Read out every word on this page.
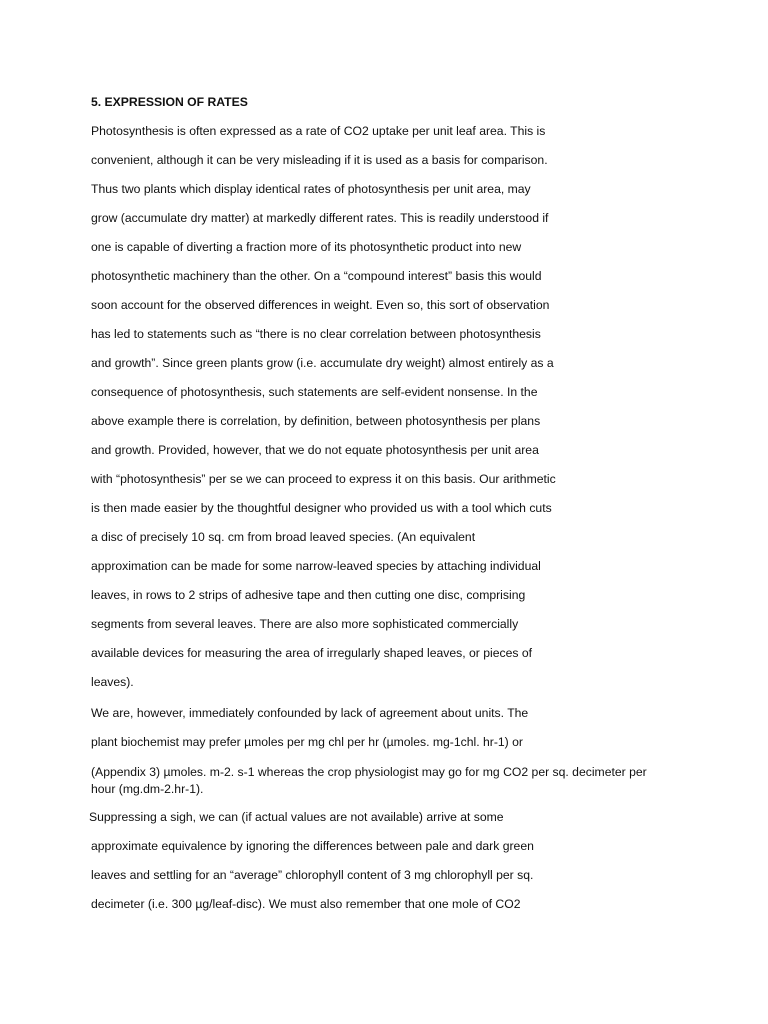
5. EXPRESSION OF RATES
Photosynthesis is often expressed as a rate of CO2 uptake per unit leaf area. This is
convenient, although it can be very misleading if it is used as a basis for comparison.
Thus two plants which display identical rates of photosynthesis per unit area, may
grow (accumulate dry matter) at markedly different rates. This is readily understood if
one is capable of diverting a fraction more of its photosynthetic product into new
photosynthetic machinery than the other. On a “compound interest” basis this would
soon account for the observed differences in weight. Even so, this sort of observation
has led to statements such as “there is no clear correlation between photosynthesis
and growth”. Since green plants grow (i.e. accumulate dry weight) almost entirely as a
consequence of photosynthesis, such statements are self-evident nonsense. In the
above example there is correlation, by definition, between photosynthesis per plans
and growth. Provided, however, that we do not equate photosynthesis per unit area
with “photosynthesis” per se we can proceed to express it on this basis. Our arithmetic
is then made easier by the thoughtful designer who provided us with a tool which cuts
a disc of precisely 10 sq. cm from broad leaved species. (An equivalent
approximation can be made for some narrow-leaved species by attaching individual
leaves, in rows to 2 strips of adhesive tape and then cutting one disc, comprising
segments from several leaves. There are also more sophisticated commercially
available devices for measuring the area of irregularly shaped leaves, or pieces of
leaves).
We are, however, immediately confounded by lack of agreement about units. The
plant biochemist may prefer µmoles per mg chl per hr (µmoles. mg-1chl. hr-1) or
(Appendix 3) µmoles. m-2. s-1 whereas the crop physiologist may go for mg CO2 per sq. decimeter per
hour (mg.dm-2.hr-1).
Suppressing a sigh, we can (if actual values are not available) arrive at some
approximate equivalence by ignoring the differences between pale and dark green
leaves and settling for an “average” chlorophyll content of 3 mg chlorophyll per sq.
decimeter (i.e. 300 µg/leaf-disc). We must also remember that one mole of CO2
